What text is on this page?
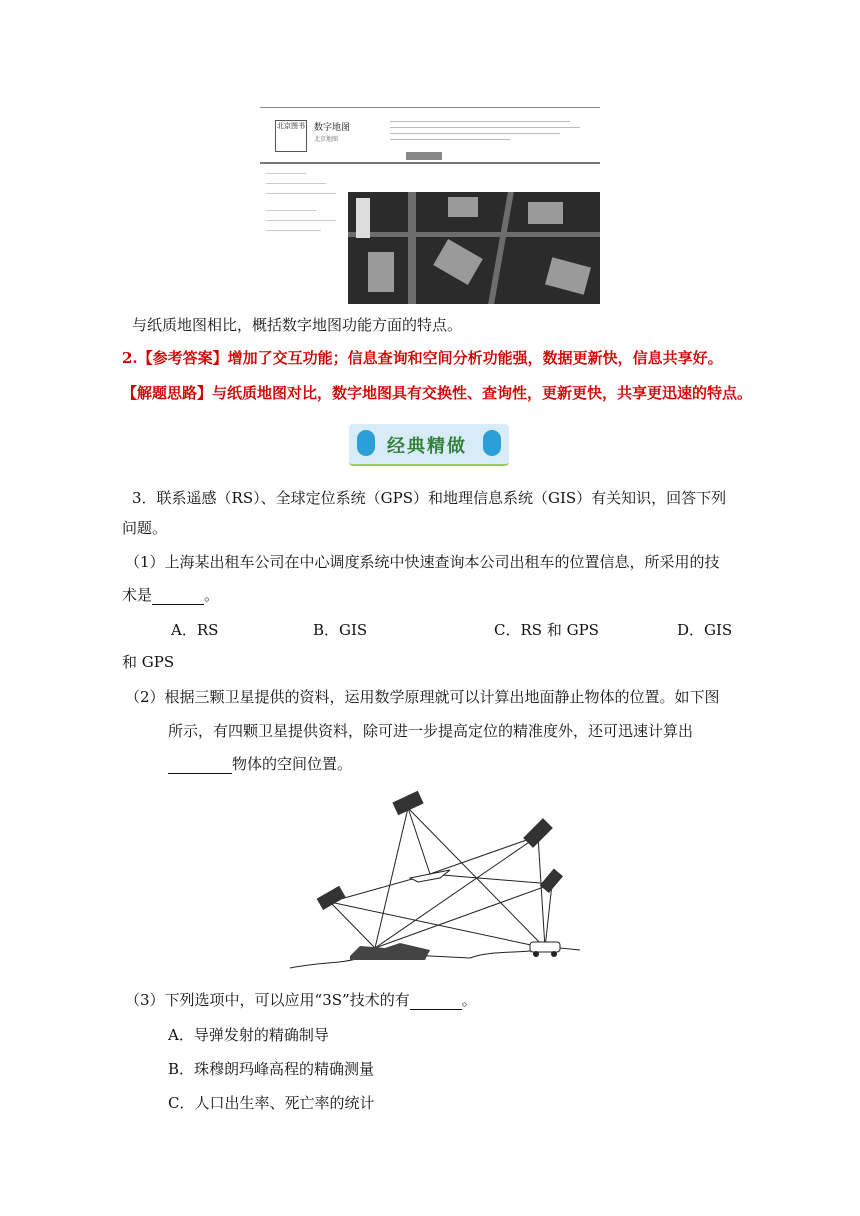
北京图书 数字地图
北京地图
与纸质地图相比，概括数字地图功能方面的特点。
2.【参考答案】增加了交互功能；信息查询和空间分析功能强，数据更新快，信息共享好。
【解题思路】与纸质地图对比，数字地图具有交换性、查询性，更新更快，共享更迅速的特点。
经典精做
3．联系遥感（RS）、全球定位系统（GPS）和地理信息系统（GIS）有关知识，回答下列
问题。
（1）上海某出租车公司在中心调度系统中快速查询本公司出租车的位置信息，所采用的技
术是	。
A．RS	B．GIS	C．RS 和 GPS	D．GIS
和 GPS
（2）根据三颗卫星提供的资料，运用数学原理就可以计算出地面静止物体的位置。如下图
所示，有四颗卫星提供资料，除可进一步提高定位的精准度外，还可迅速计算出
物体的空间位置。
（3）下列选项中，可以应用“3S”技术的有	。
A．导弹发射的精确制导
B．珠穆朗玛峰高程的精确测量
C．人口出生率、死亡率的统计
